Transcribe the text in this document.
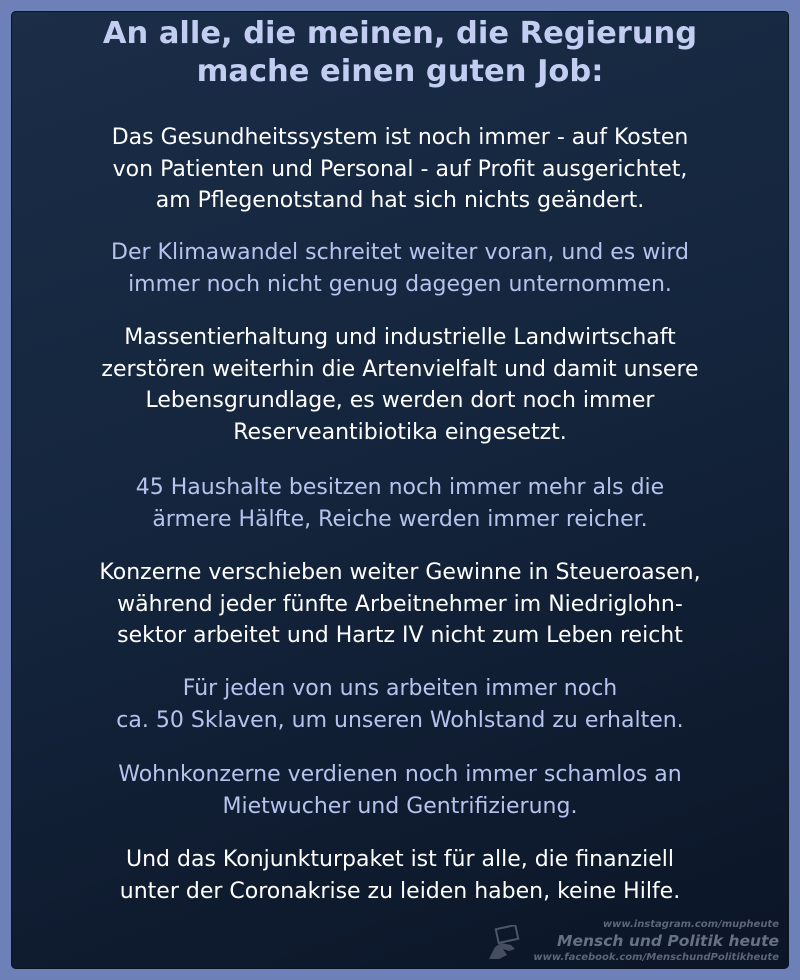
An alle, die meinen, die Regierung
mache einen guten Job:

Das Gesundheitssystem ist noch immer - auf Kosten
von Patienten und Personal - auf Profit ausgerichtet,
am Pflegenotstand hat sich nichts geändert.

Der Klimawandel schreitet weiter voran, und es wird
immer noch nicht genug dagegen unternommen.

Massentierhaltung und industrielle Landwirtschaft
zerstören weiterhin die Artenvielfalt und damit unsere
Lebensgrundlage, es werden dort noch immer
Reserveantibiotika eingesetzt.

45 Haushalte besitzen noch immer mehr als die
ärmere Hälfte, Reiche werden immer reicher.

Konzerne verschieben weiter Gewinne in Steueroasen,
während jeder fünfte Arbeitnehmer im Niedriglohn-
sektor arbeitet und Hartz IV nicht zum Leben reicht

Für jeden von uns arbeiten immer noch
ca. 50 Sklaven, um unseren Wohlstand zu erhalten.

Wohnkonzerne verdienen noch immer schamlos an
Mietwucher und Gentrifizierung.

Und das Konjunkturpaket ist für alle, die finanziell
unter der Coronakrise zu leiden haben, keine Hilfe.

www.instagram.com/mupheute

Mensch und Politik heute

www.facebook.com/MenschundPolitikheute
